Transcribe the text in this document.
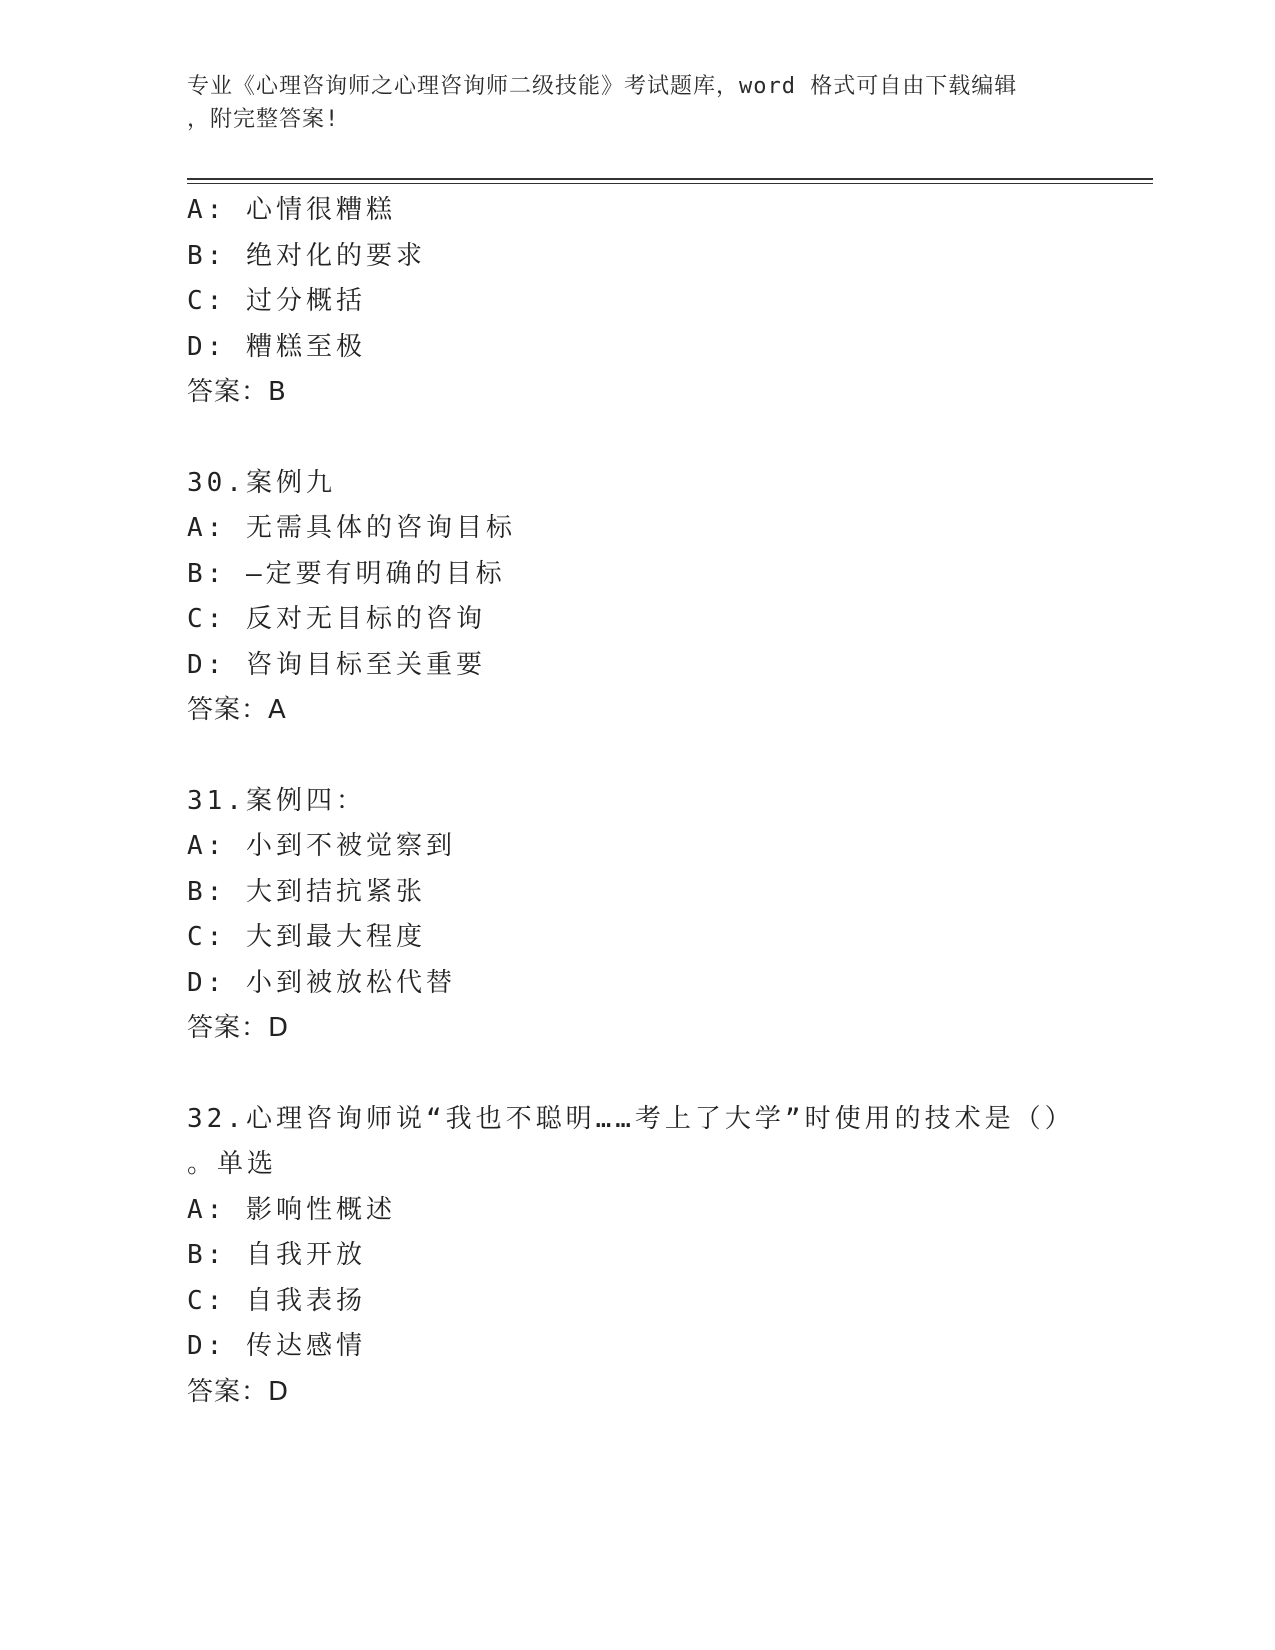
专业《心理咨询师之心理咨询师二级技能》考试题库，word 格式可自由下载编辑
，附完整答案!
A: 心情很糟糕
B: 绝对化的要求
C: 过分概括
D: 糟糕至极
答案：B
30.案例九
A: 无需具体的咨询目标
B: —定要有明确的目标
C: 反对无目标的咨询
D: 咨询目标至关重要
答案：A
31.案例四：
A: 小到不被觉察到
B: 大到拮抗紧张
C: 大到最大程度
D: 小到被放松代替
答案：D
32.心理咨询师说“我也不聪明……考上了大学”时使用的技术是（）
。单选
A: 影响性概述
B: 自我开放
C: 自我表扬
D: 传达感情
答案：D
